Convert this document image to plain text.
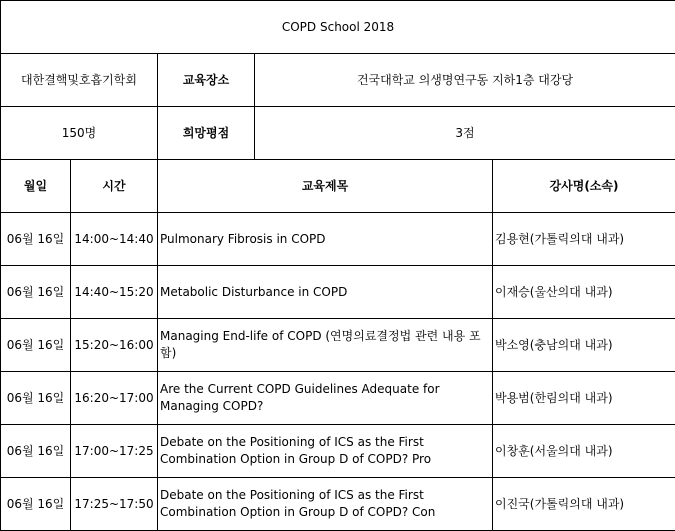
COPD School 2018				
대한결핵및호흡기학회		교육장소	건국대학교 의생명연구동 지하1층 대강당	
150명		희망평점	3점	
월일	시간	교육제목		강사명(소속)
06월 16일	14:00~14:40	Pulmonary Fibrosis in COPD		김용현(가톨릭의대 내과)
06월 16일	14:40~15:20	Metabolic Disturbance in COPD		이재승(울산의대 내과)
06월 16일	15:20~16:00	Managing End-life of COPD (연명의료결정법 관련 내용 포함)		박소영(충남의대 내과)
06월 16일	16:20~17:00	Are the Current COPD Guidelines Adequate for Managing COPD?		박용범(한림의대 내과)
06월 16일	17:00~17:25	Debate on the Positioning of ICS as the First Combination Option in Group D of COPD? Pro		이창훈(서울의대 내과)
06월 16일	17:25~17:50	Debate on the Positioning of ICS as the First Combination Option in Group D of COPD? Con		이진국(가톨릭의대 내과)
